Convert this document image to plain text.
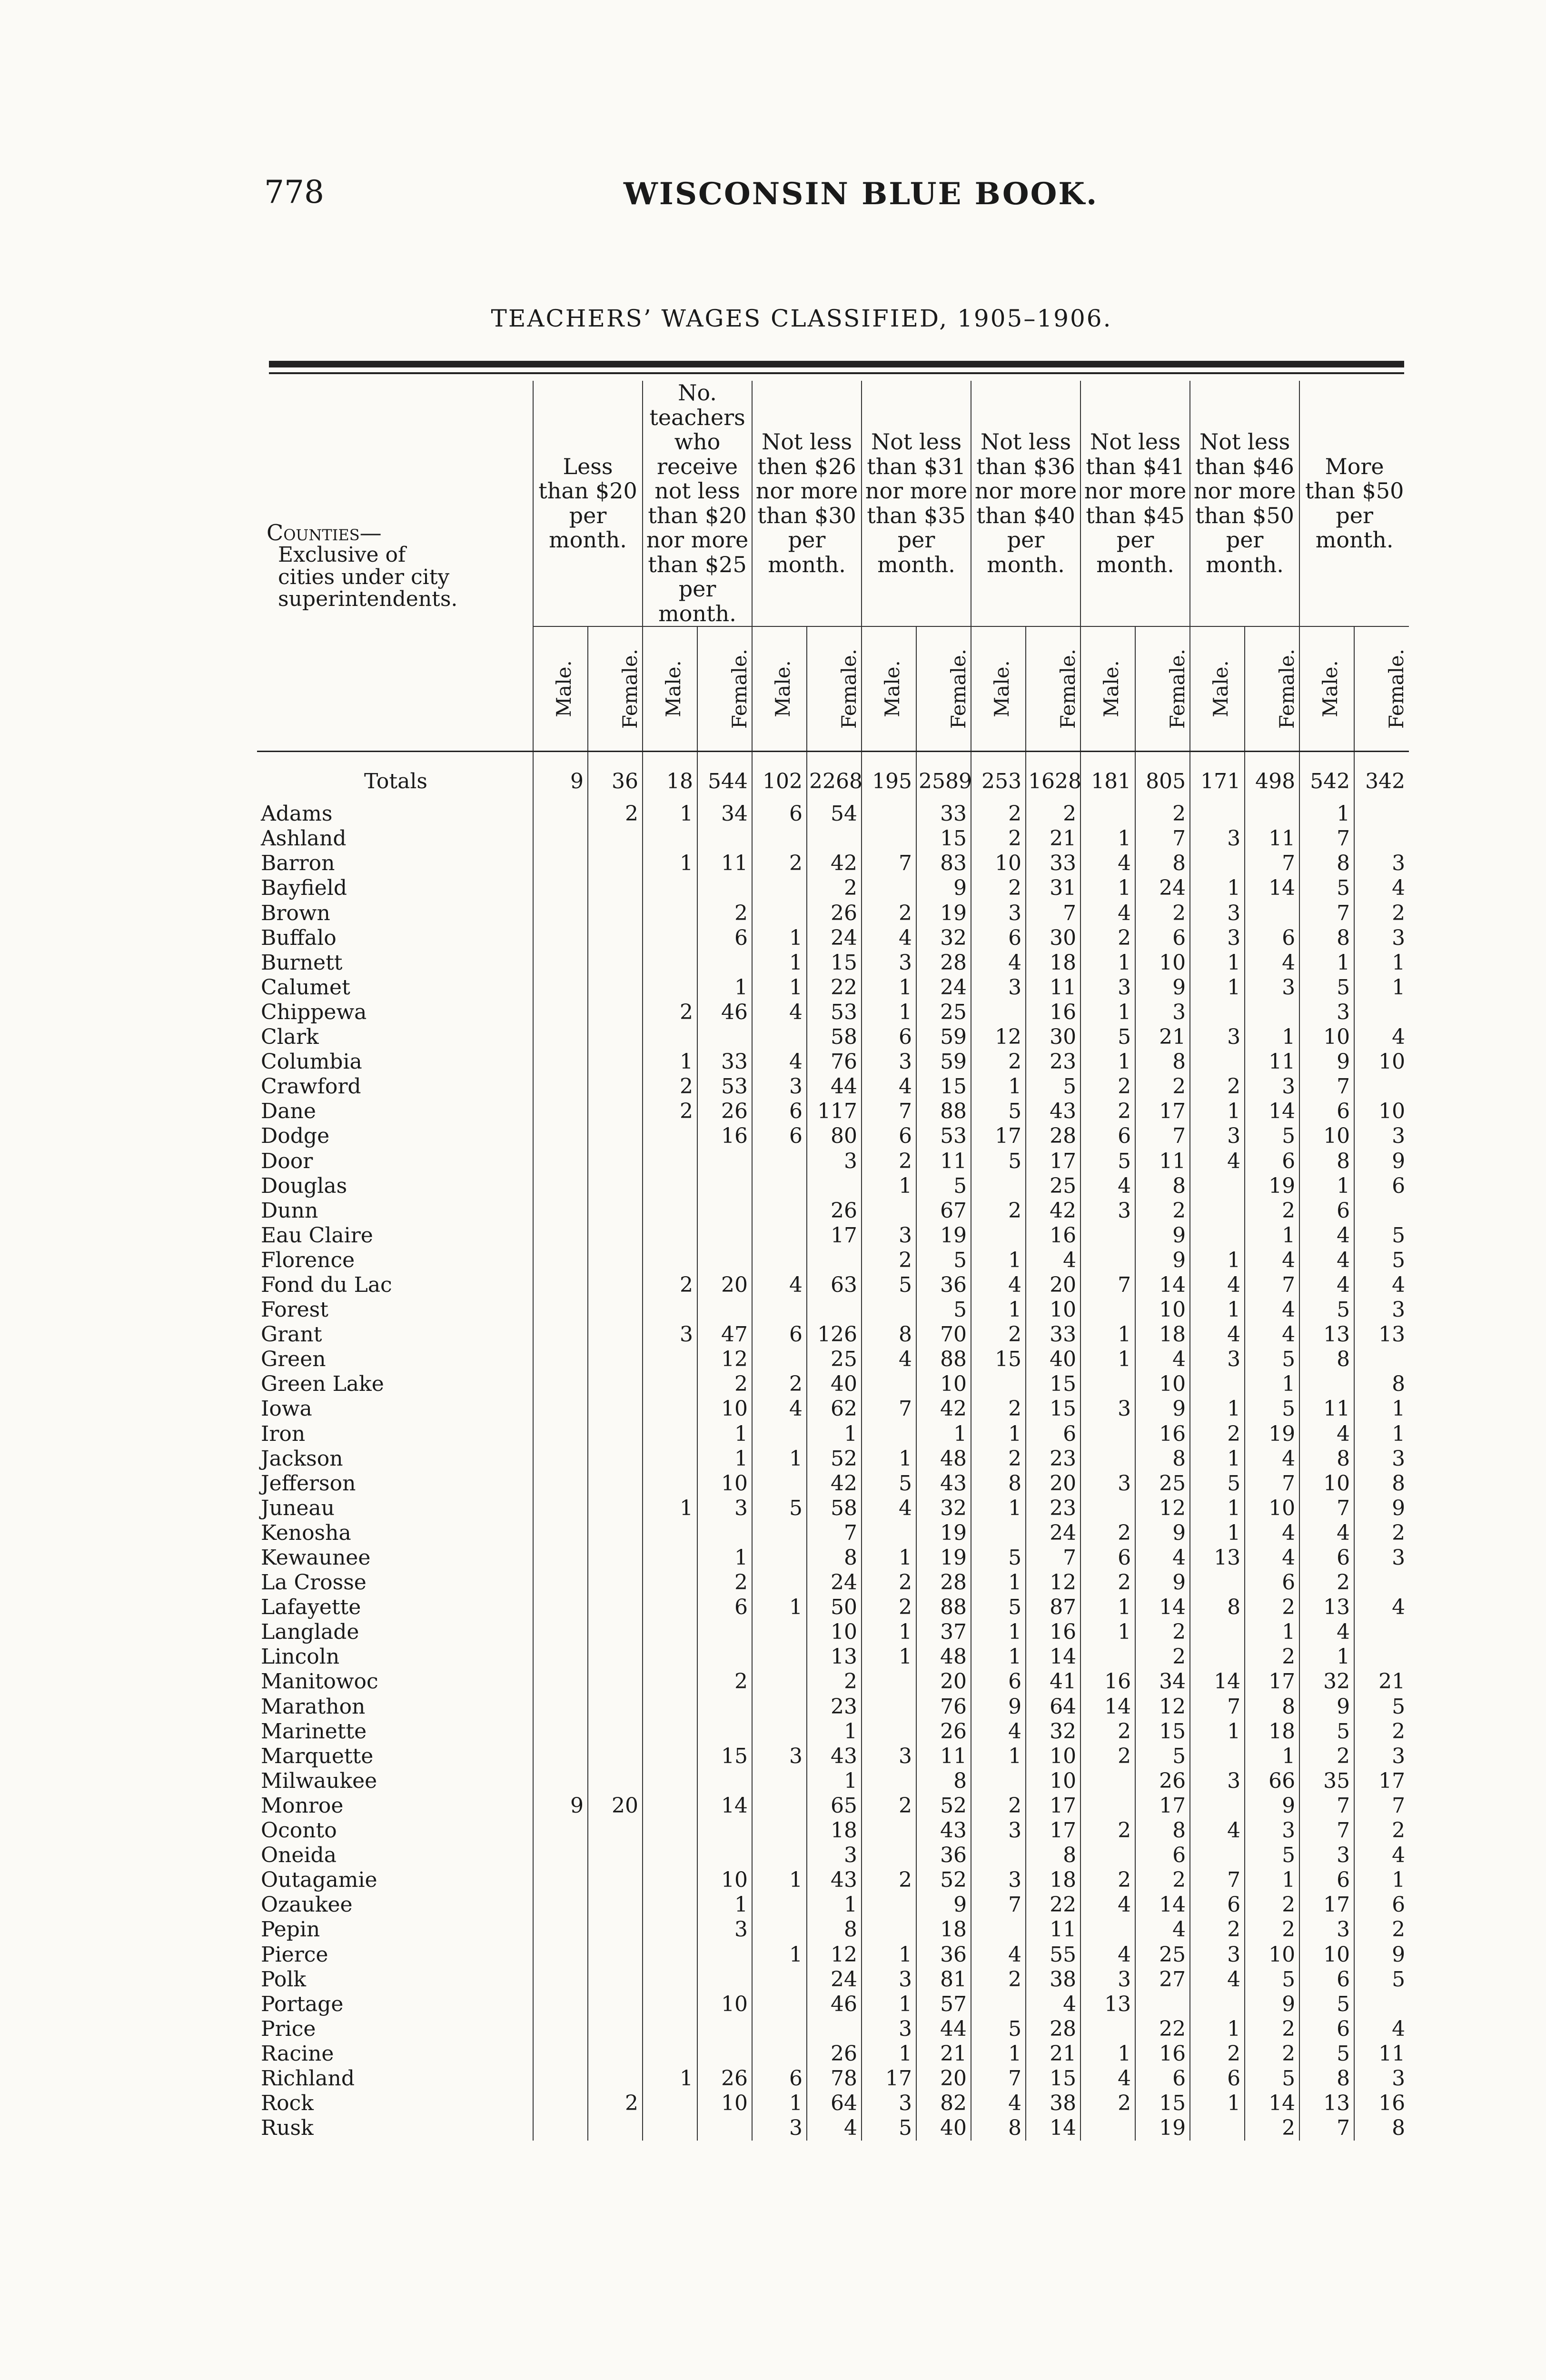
778	WISCONSIN BLUE BOOK.
TEACHERS’ WAGES CLASSIFIED, 1905–1906.
Counties—
Exclusive of cities under city superintendents.	Less than $20 per month.		No. teachers who receive not less than $20 nor more than $25 per month.		Not less then $26 nor more than $30 per month.		Not less than $31 nor more than $35 per month.		Not less than $36 nor more than $40 per month.		Not less than $41 nor more than $45 per month.		Not less than $46 nor more than $50 per month.		More than $50 per month.	
	Male.	Female.	Male.	Female.	Male.	Female.	Male.	Female.	Male.	Female.	Male.	Female.	Male.	Female.	Male.	Female.

Totals	9	36	18	544	102	2268	195	2589	253	1628	181	805	171	498	542	342
Adams		2	1	34	6	54		33	2	2		2			1	
Ashland								15	2	21	1	7	3	11	7	
Barron			1	11	2	42	7	83	10	33	4	8		7	8	3
Bayfield						2		9	2	31	1	24	1	14	5	4
Brown				2		26	2	19	3	7	4	2	3		7	2
Buffalo				6	1	24	4	32	6	30	2	6	3	6	8	3
Burnett					1	15	3	28	4	18	1	10	1	4	1	1
Calumet				1	1	22	1	24	3	11	3	9	1	3	5	1
Chippewa			2	46	4	53	1	25		16	1	3			3	
Clark						58	6	59	12	30	5	21	3	1	10	4
Columbia			1	33	4	76	3	59	2	23	1	8		11	9	10
Crawford			2	53	3	44	4	15	1	5	2	2	2	3	7	
Dane			2	26	6	117	7	88	5	43	2	17	1	14	6	10
Dodge				16	6	80	6	53	17	28	6	7	3	5	10	3
Door						3	2	11	5	17	5	11	4	6	8	9
Douglas							1	5		25	4	8		19	1	6
Dunn						26		67	2	42	3	2		2	6	
Eau Claire						17	3	19		16		9		1	4	5
Florence							2	5	1	4		9	1	4	4	5
Fond du Lac			2	20	4	63	5	36	4	20	7	14	4	7	4	4
Forest								5	1	10		10	1	4	5	3
Grant			3	47	6	126	8	70	2	33	1	18	4	4	13	13
Green				12		25	4	88	15	40	1	4	3	5	8	
Green Lake				2	2	40		10		15		10		1		8
Iowa				10	4	62	7	42	2	15	3	9	1	5	11	1
Iron				1		1		1	1	6		16	2	19	4	1
Jackson				1	1	52	1	48	2	23		8	1	4	8	3
Jefferson				10		42	5	43	8	20	3	25	5	7	10	8
Juneau			1	3	5	58	4	32	1	23		12	1	10	7	9
Kenosha						7		19		24	2	9	1	4	4	2
Kewaunee				1		8	1	19	5	7	6	4	13	4	6	3
La Crosse				2		24	2	28	1	12	2	9		6	2	
Lafayette				6	1	50	2	88	5	87	1	14	8	2	13	4
Langlade						10	1	37	1	16	1	2		1	4	
Lincoln						13	1	48	1	14		2		2	1	
Manitowoc				2		2		20	6	41	16	34	14	17	32	21
Marathon						23		76	9	64	14	12	7	8	9	5
Marinette						1		26	4	32	2	15	1	18	5	2
Marquette				15	3	43	3	11	1	10	2	5		1	2	3
Milwaukee						1		8		10		26	3	66	35	17
Monroe	9	20		14		65	2	52	2	17		17		9	7	7
Oconto						18		43	3	17	2	8	4	3	7	2
Oneida						3		36		8		6		5	3	4
Outagamie				10	1	43	2	52	3	18	2	2	7	1	6	1
Ozaukee				1		1		9	7	22	4	14	6	2	17	6
Pepin				3		8		18		11		4	2	2	3	2
Pierce					1	12	1	36	4	55	4	25	3	10	10	9
Polk						24	3	81	2	38	3	27	4	5	6	5
Portage				10		46	1	57		4	13			9	5	
Price							3	44	5	28		22	1	2	6	4
Racine						26	1	21	1	21	1	16	2	2	5	11
Richland			1	26	6	78	17	20	7	15	4	6	6	5	8	3
Rock		2		10	1	64	3	82	4	38	2	15	1	14	13	16
Rusk					3	4	5	40	8	14		19		2	7	8
